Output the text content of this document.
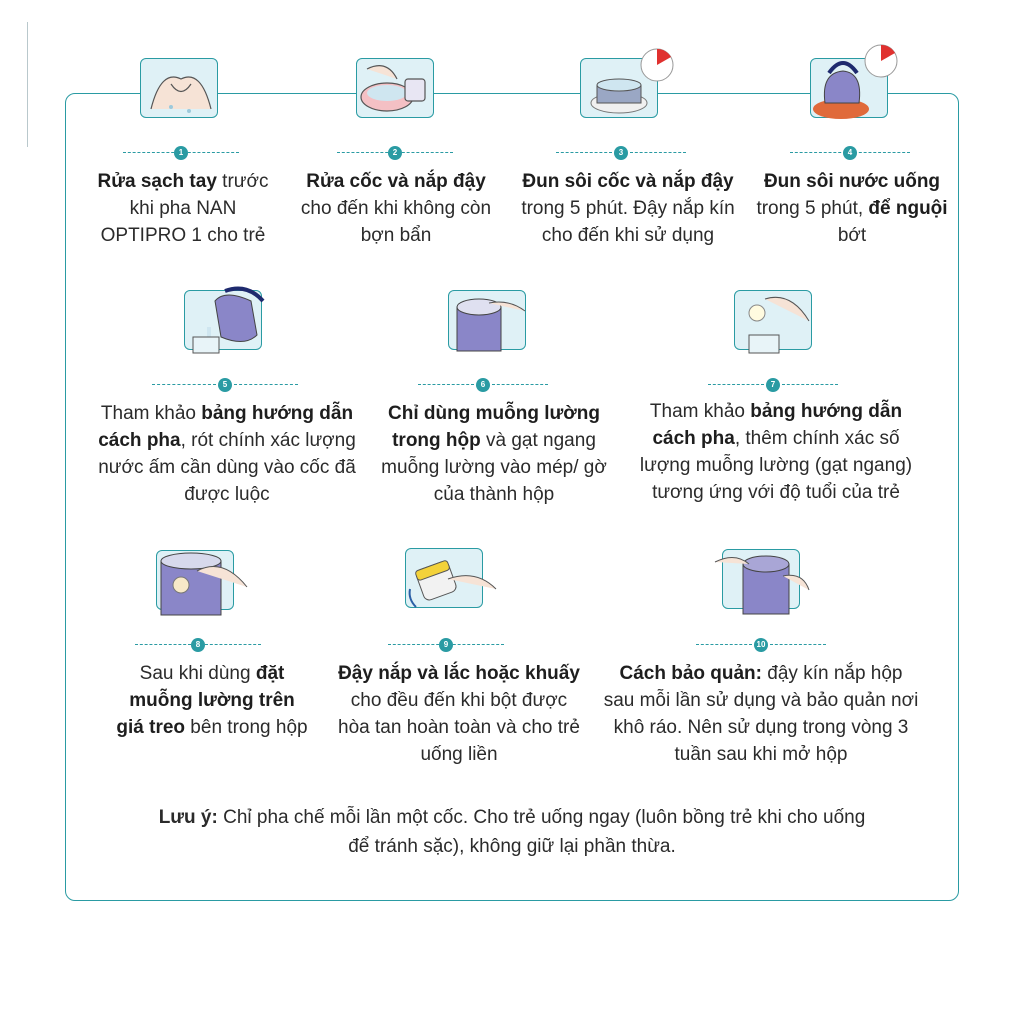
1
Rửa sạch tay trước khi pha NAN OPTIPRO 1 cho trẻ
2
Rửa cốc và nắp đậy cho đến khi không còn bợn bẩn
3
Đun sôi cốc và nắp đậy trong 5 phút. Đậy nắp kín cho đến khi sử dụng
4
Đun sôi nước uống trong 5 phút, để nguội bớt
5
Tham khảo bảng hướng dẫn cách pha, rót chính xác lượng nước ấm cần dùng vào cốc đã được luộc
6
Chỉ dùng muỗng lường trong hộp và gạt ngang muỗng lường vào mép/ gờ của thành hộp
7
Tham khảo bảng hướng dẫn cách pha, thêm chính xác số lượng muỗng lường (gạt ngang) tương ứng với độ tuổi của trẻ
8
Sau khi dùng đặt muỗng lường trên giá treo bên trong hộp
9
Đậy nắp và lắc hoặc khuấy cho đều đến khi bột được hòa tan hoàn toàn và cho trẻ uống liền
10
Cách bảo quản: đậy kín nắp hộp sau mỗi lần sử dụng và bảo quản nơi khô ráo. Nên sử dụng trong vòng 3 tuần sau khi mở hộp
Lưu ý: Chỉ pha chế mỗi lần một cốc. Cho trẻ uống ngay (luôn bồng trẻ khi cho uống để tránh sặc), không giữ lại phần thừa.
